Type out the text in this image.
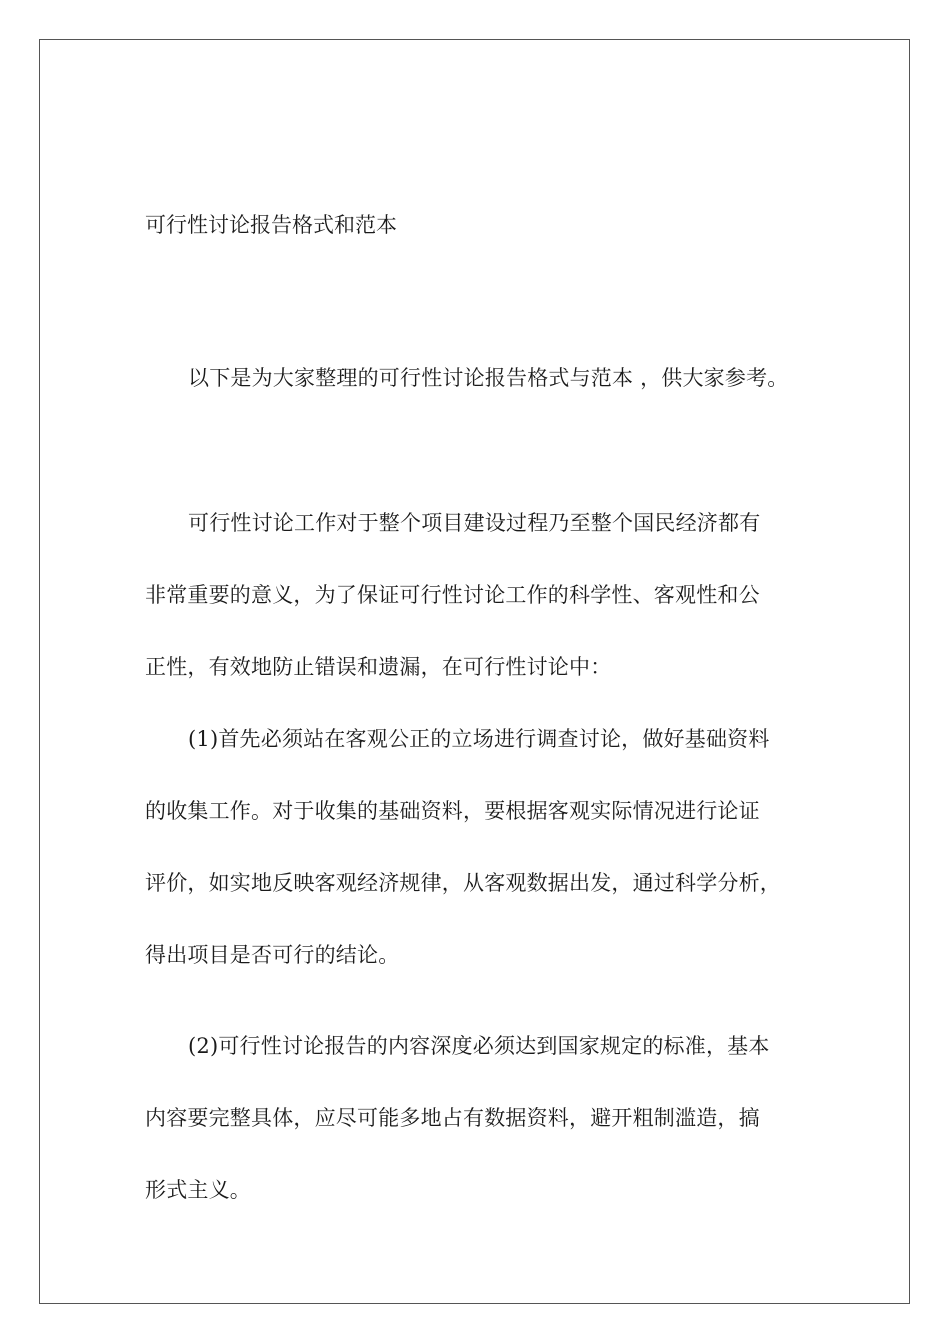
可行性讨论报告格式和范本

以下是为大家整理的可行性讨论报告格式与范本 ，供大家参考。

可行性讨论工作对于整个项目建设过程乃至整个国民经济都有
非常重要的意义，为了保证可行性讨论工作的科学性、客观性和公
正性，有效地防止错误和遗漏，在可行性讨论中：

(1)首先必须站在客观公正的立场进行调查讨论，做好基础资料
的收集工作。对于收集的基础资料，要根据客观实际情况进行论证
评价，如实地反映客观经济规律，从客观数据出发，通过科学分析，
得出项目是否可行的结论。

(2)可行性讨论报告的内容深度必须达到国家规定的标准，基本
内容要完整具体，应尽可能多地占有数据资料，避开粗制滥造，搞
形式主义。
